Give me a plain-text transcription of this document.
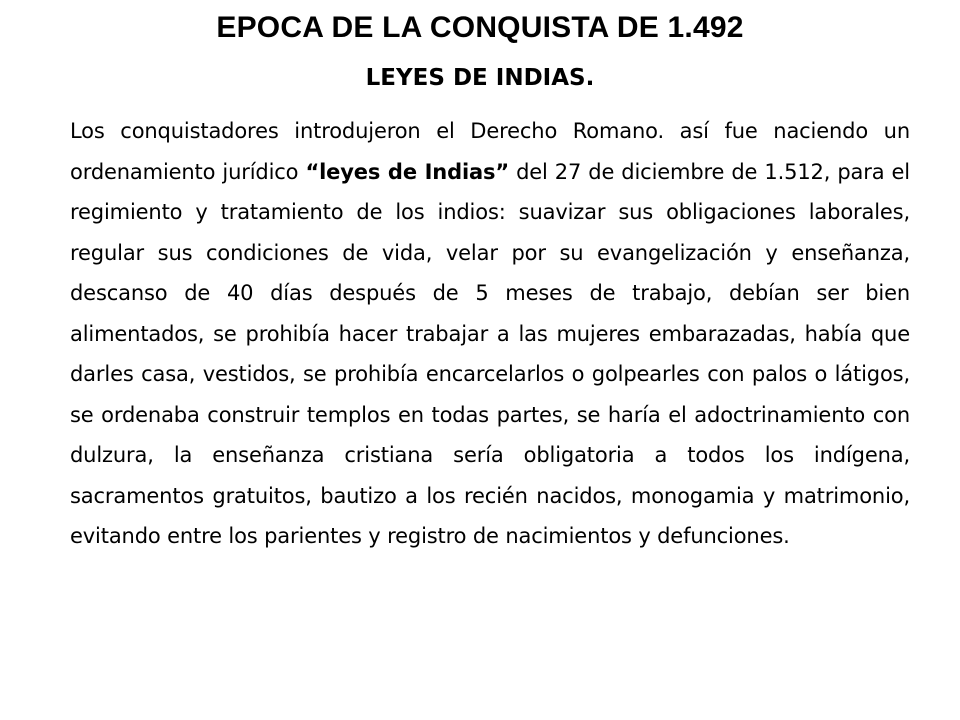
EPOCA DE LA CONQUISTA DE 1.492
LEYES DE INDIAS.

Los conquistadores introdujeron el Derecho Romano. así fue naciendo un ordenamiento jurídico “leyes de Indias” del 27 de diciembre de 1.512, para el regimiento y tratamiento de los indios: suavizar sus obligaciones laborales, regular sus condiciones de vida, velar por su evangelización y enseñanza, descanso de 40 días después de 5 meses de trabajo, debían ser bien alimentados, se prohibía hacer trabajar a las mujeres embarazadas, había que darles casa, vestidos, se prohibía encarcelarlos o golpearles con palos o látigos, se ordenaba construir templos en todas partes, se haría el adoctrinamiento con dulzura, la enseñanza cristiana sería obligatoria a todos los indígena, sacramentos gratuitos, bautizo a los recién nacidos, monogamia y matrimonio, evitando entre los parientes y registro de nacimientos y defunciones.
